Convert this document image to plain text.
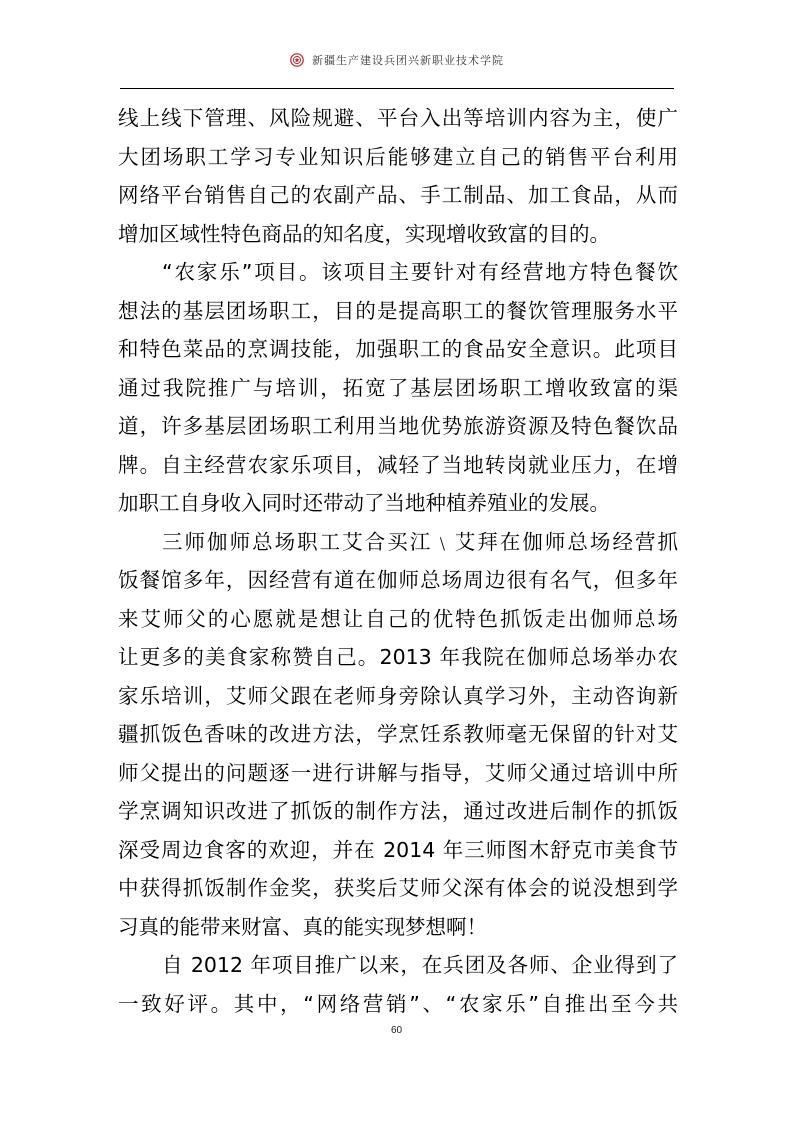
新疆生产建设兵团兴新职业技术学院
线上线下管理、风险规避、平台入出等培训内容为主，使广
大团场职工学习专业知识后能够建立自己的销售平台利用
网络平台销售自己的农副产品、手工制品、加工食品，从而
增加区域性特色商品的知名度，实现增收致富的目的。
“农家乐”项目。该项目主要针对有经营地方特色餐饮
想法的基层团场职工，目的是提高职工的餐饮管理服务水平
和特色菜品的烹调技能，加强职工的食品安全意识。此项目
通过我院推广与培训，拓宽了基层团场职工增收致富的渠
道，许多基层团场职工利用当地优势旅游资源及特色餐饮品
牌。自主经营农家乐项目，减轻了当地转岗就业压力，在增
加职工自身收入同时还带动了当地种植养殖业的发展。
三师伽师总场职工艾合买江﹨艾拜在伽师总场经营抓
饭餐馆多年，因经营有道在伽师总场周边很有名气，但多年
来艾师父的心愿就是想让自己的优特色抓饭走出伽师总场
让更多的美食家称赞自己。2013 年我院在伽师总场举办农
家乐培训，艾师父跟在老师身旁除认真学习外，主动咨询新
疆抓饭色香味的改进方法，学烹饪系教师毫无保留的针对艾
师父提出的问题逐一进行讲解与指导，艾师父通过培训中所
学烹调知识改进了抓饭的制作方法，通过改进后制作的抓饭
深受周边食客的欢迎，并在 2014 年三师图木舒克市美食节
中获得抓饭制作金奖，获奖后艾师父深有体会的说没想到学
习真的能带来财富、真的能实现梦想啊！
自 2012 年项目推广以来，在兵团及各师、企业得到了
一致好评。其中，“网络营销”、“农家乐”自推出至今共
60
